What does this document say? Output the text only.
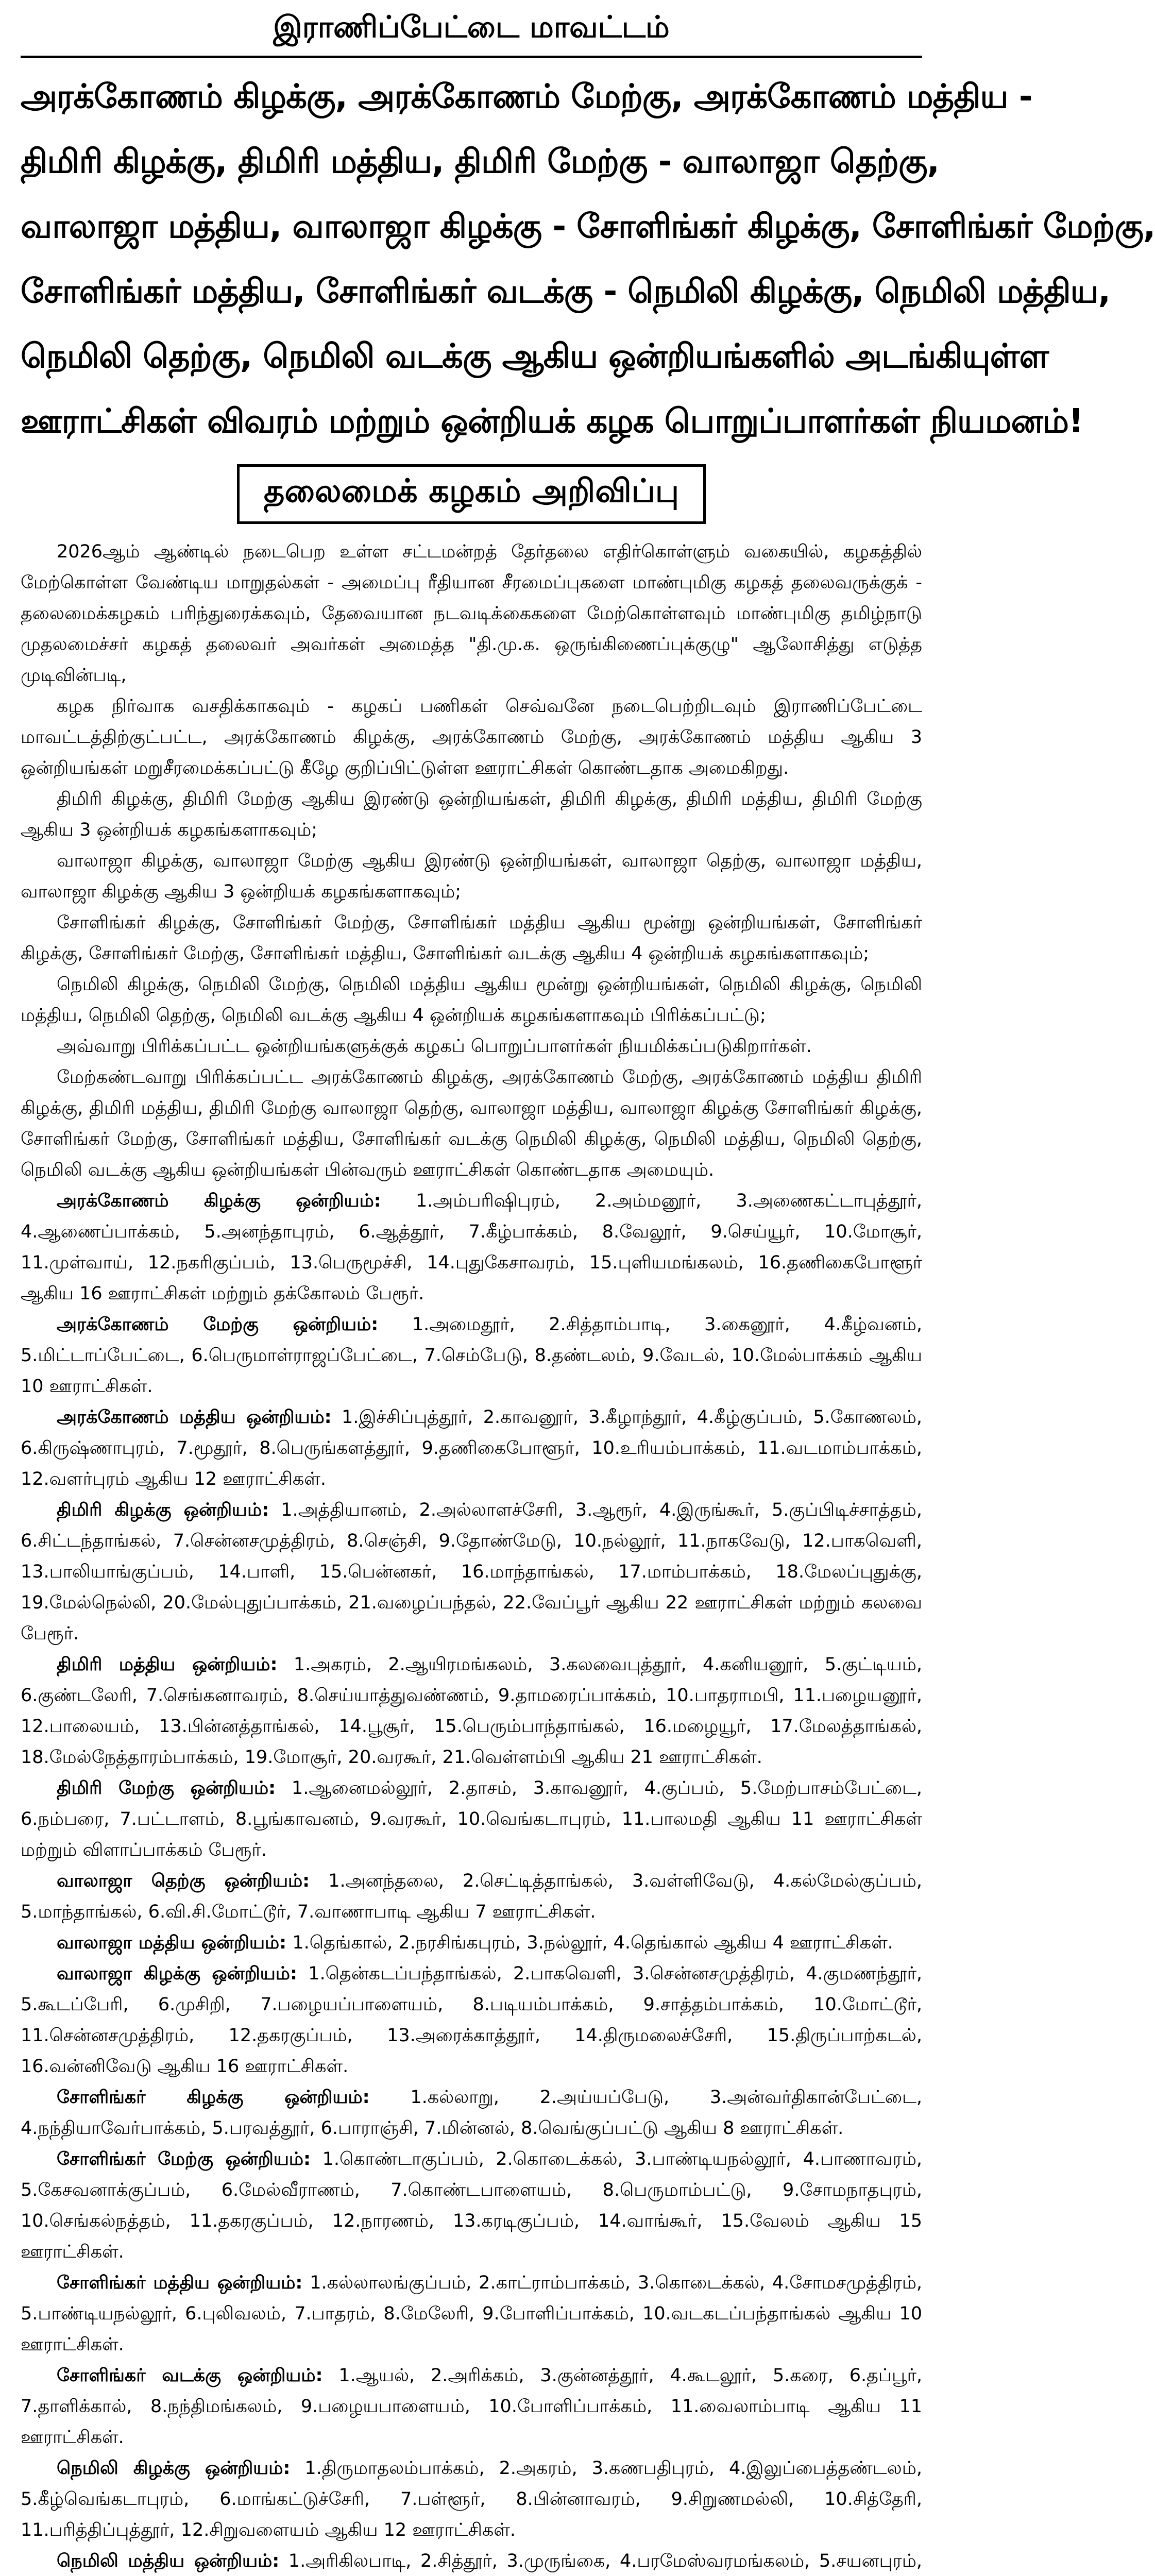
இராணிப்பேட்டை மாவட்டம்
அரக்கோணம் கிழக்கு, அரக்கோணம் மேற்கு, அரக்கோணம் மத்திய -
திமிரி கிழக்கு, திமிரி மத்திய, திமிரி மேற்கு - வாலாஜா தெற்கு,
வாலாஜா மத்திய, வாலாஜா கிழக்கு - சோளிங்கர் கிழக்கு, சோளிங்கர் மேற்கு,
சோளிங்கர் மத்திய, சோளிங்கர் வடக்கு - நெமிலி கிழக்கு, நெமிலி மத்திய,
நெமிலி தெற்கு, நெமிலி வடக்கு ஆகிய ஒன்றியங்களில் அடங்கியுள்ள
ஊராட்சிகள் விவரம் மற்றும் ஒன்றியக் கழக பொறுப்பாளர்கள் நியமனம்!
தலைமைக் கழகம் அறிவிப்பு

2026ஆம் ஆண்டில் நடைபெற உள்ள சட்டமன்றத் தேர்தலை எதிர்கொள்ளும் வகையில், கழகத்தில் மேற்கொள்ள வேண்டிய மாறுதல்கள் - அமைப்பு ரீதியான சீரமைப்புகளை மாண்புமிகு கழகத் தலைவருக்குக் - தலைமைக்கழகம் பரிந்துரைக்கவும், தேவையான நடவடிக்கைகளை மேற்கொள்ளவும் மாண்புமிகு தமிழ்நாடு முதலமைச்சர் கழகத் தலைவர் அவர்கள் அமைத்த "தி.மு.க. ஒருங்கிணைப்புக்குழு" ஆலோசித்து எடுத்த முடிவின்படி,

கழக நிர்வாக வசதிக்காகவும் - கழகப் பணிகள் செவ்வனே நடைபெற்றிடவும் இராணிப்பேட்டை மாவட்டத்திற்குட்பட்ட, அரக்கோணம் கிழக்கு, அரக்கோணம் மேற்கு, அரக்கோணம் மத்திய ஆகிய 3 ஒன்றியங்கள் மறுசீரமைக்கப்பட்டு கீழே குறிப்பிட்டுள்ள ஊராட்சிகள் கொண்டதாக அமைகிறது.

திமிரி கிழக்கு, திமிரி மேற்கு ஆகிய இரண்டு ஒன்றியங்கள், திமிரி கிழக்கு, திமிரி மத்திய, திமிரி மேற்கு ஆகிய 3 ஒன்றியக் கழகங்களாகவும்;

வாலாஜா கிழக்கு, வாலாஜா மேற்கு ஆகிய இரண்டு ஒன்றியங்கள், வாலாஜா தெற்கு, வாலாஜா மத்திய, வாலாஜா கிழக்கு ஆகிய 3 ஒன்றியக் கழகங்களாகவும்;

சோளிங்கர் கிழக்கு, சோளிங்கர் மேற்கு, சோளிங்கர் மத்திய ஆகிய மூன்று ஒன்றியங்கள், சோளிங்கர் கிழக்கு, சோளிங்கர் மேற்கு, சோளிங்கர் மத்திய, சோளிங்கர் வடக்கு ஆகிய 4 ஒன்றியக் கழகங்களாகவும்;

நெமிலி கிழக்கு, நெமிலி மேற்கு, நெமிலி மத்திய ஆகிய மூன்று ஒன்றியங்கள், நெமிலி கிழக்கு, நெமிலி மத்திய, நெமிலி தெற்கு, நெமிலி வடக்கு ஆகிய 4 ஒன்றியக் கழகங்களாகவும் பிரிக்கப்பட்டு;

அவ்வாறு பிரிக்கப்பட்ட ஒன்றியங்களுக்குக் கழகப் பொறுப்பாளர்கள் நியமிக்கப்படுகிறார்கள்.

மேற்கண்டவாறு பிரிக்கப்பட்ட அரக்கோணம் கிழக்கு, அரக்கோணம் மேற்கு, அரக்கோணம் மத்திய திமிரி கிழக்கு, திமிரி மத்திய, திமிரி மேற்கு வாலாஜா தெற்கு, வாலாஜா மத்திய, வாலாஜா கிழக்கு சோளிங்கர் கிழக்கு, சோளிங்கர் மேற்கு, சோளிங்கர் மத்திய, சோளிங்கர் வடக்கு நெமிலி கிழக்கு, நெமிலி மத்திய, நெமிலி தெற்கு, நெமிலி வடக்கு ஆகிய ஒன்றியங்கள் பின்வரும் ஊராட்சிகள் கொண்டதாக அமையும்.

அரக்கோணம் கிழக்கு ஒன்றியம்: 1.அம்பரிஷிபுரம், 2.அம்மனூர், 3.அணைகட்டாபுத்தூர், 4.ஆணைப்பாக்கம், 5.அனந்தாபுரம், 6.ஆத்தூர், 7.கீழ்பாக்கம், 8.வேலூர், 9.செய்யூர், 10.மோசூர், 11.முள்வாய், 12.நகரிகுப்பம், 13.பெருமூச்சி, 14.புதுகேசாவரம், 15.புளியமங்கலம், 16.தணிகைபோளூர் ஆகிய 16 ஊராட்சிகள் மற்றும் தக்கோலம் பேரூர்.

அரக்கோணம் மேற்கு ஒன்றியம்: 1.அமைதூர், 2.சித்தாம்பாடி, 3.கைனூர், 4.கீழ்வனம், 5.மிட்டாப்பேட்டை, 6.பெருமாள்ராஜப்பேட்டை, 7.செம்பேடு, 8.தண்டலம், 9.வேடல், 10.மேல்பாக்கம் ஆகிய 10 ஊராட்சிகள்.

அரக்கோணம் மத்திய ஒன்றியம்: 1.இச்சிப்புத்தூர், 2.காவனூர், 3.கீழாந்தூர், 4.கீழ்குப்பம், 5.கோணலம், 6.கிருஷ்ணாபுரம், 7.மூதூர், 8.பெருங்களத்தூர், 9.தணிகைபோளூர், 10.உரியம்பாக்கம், 11.வடமாம்பாக்கம், 12.வளர்புரம் ஆகிய 12 ஊராட்சிகள்.

திமிரி கிழக்கு ஒன்றியம்: 1.அத்தியானம், 2.அல்லாளச்சேரி, 3.ஆரூர், 4.இருங்கூர், 5.குப்பிடிச்சாத்தம், 6.சிட்டந்தாங்கல், 7.சென்னசமுத்திரம், 8.செஞ்சி, 9.தோண்மேடு, 10.நல்லூர், 11.நாகவேடு, 12.பாகவெளி, 13.பாலியாங்குப்பம், 14.பாளி, 15.பென்னகர், 16.மாந்தாங்கல், 17.மாம்பாக்கம், 18.மேலப்புதுக்கு, 19.மேல்நெல்லி, 20.மேல்புதுப்பாக்கம், 21.வழைப்பந்தல், 22.வேப்பூர் ஆகிய 22 ஊராட்சிகள் மற்றும் கலவை பேரூர்.

திமிரி மத்திய ஒன்றியம்: 1.அகரம், 2.ஆயிரமங்கலம், 3.கலவைபுத்தூர், 4.கனியனூர், 5.குட்டியம், 6.குண்டலேரி, 7.செங்கனாவரம், 8.செய்யாத்துவண்ணம், 9.தாமரைப்பாக்கம், 10.பாதராமபி, 11.பழையனூர், 12.பாலையம், 13.பின்னத்தாங்கல், 14.பூசூர், 15.பெரும்பாந்தாங்கல், 16.மழையூர், 17.மேலத்தாங்கல், 18.மேல்நேத்தாரம்பாக்கம், 19.மோசூர், 20.வரகூர், 21.வெள்ளம்பி ஆகிய 21 ஊராட்சிகள்.

திமிரி மேற்கு ஒன்றியம்: 1.ஆனைமல்லூர், 2.தாசம், 3.காவனூர், 4.குப்பம், 5.மேற்பாசம்பேட்டை, 6.நம்பரை, 7.பட்டாளம், 8.பூங்காவனம், 9.வரகூர், 10.வெங்கடாபுரம், 11.பாலமதி ஆகிய 11 ஊராட்சிகள் மற்றும் விளாப்பாக்கம் பேரூர்.

வாலாஜா தெற்கு ஒன்றியம்: 1.அனந்தலை, 2.செட்டித்தாங்கல், 3.வள்ளிவேடு, 4.கல்மேல்குப்பம், 5.மாந்தாங்கல், 6.வி.சி.மோட்டூர், 7.வாணாபாடி ஆகிய 7 ஊராட்சிகள்.

வாலாஜா மத்திய ஒன்றியம்: 1.தெங்கால், 2.நரசிங்கபுரம், 3.நல்லூர், 4.தெங்கால் ஆகிய 4 ஊராட்சிகள்.

வாலாஜா கிழக்கு ஒன்றியம்: 1.தென்கடப்பந்தாங்கல், 2.பாகவெளி, 3.சென்னசமுத்திரம், 4.குமணந்தூர், 5.கூடப்பேரி, 6.முசிறி, 7.பழையப்பாளையம், 8.படியம்பாக்கம், 9.சாத்தம்பாக்கம், 10.மோட்டூர், 11.சென்னசமுத்திரம், 12.தகரகுப்பம், 13.அரைக்காத்தூர், 14.திருமலைச்சேரி, 15.திருப்பாற்கடல், 16.வன்னிவேடு ஆகிய 16 ஊராட்சிகள்.

சோளிங்கர் கிழக்கு ஒன்றியம்: 1.கல்லாறு, 2.அய்யப்பேடு, 3.அன்வர்திகான்பேட்டை, 4.நந்தியாவேர்பாக்கம், 5.பரவத்தூர், 6.பாராஞ்சி, 7.மின்னல், 8.வெங்குப்பட்டு ஆகிய 8 ஊராட்சிகள்.

சோளிங்கர் மேற்கு ஒன்றியம்: 1.கொண்டாகுப்பம், 2.கொடைக்கல், 3.பாண்டியநல்லூர், 4.பாணாவரம், 5.கேசவனாக்குப்பம், 6.மேல்வீராணம், 7.கொண்டபாளையம், 8.பெருமாம்பட்டு, 9.சோமநாதபுரம், 10.செங்கல்நத்தம், 11.தகரகுப்பம், 12.நாரணம், 13.கரடிகுப்பம், 14.வாங்கூர், 15.வேலம் ஆகிய 15 ஊராட்சிகள்.

சோளிங்கர் மத்திய ஒன்றியம்: 1.கல்லாலங்குப்பம், 2.காட்ராம்பாக்கம், 3.கொடைக்கல், 4.சோமசமுத்திரம், 5.பாண்டியநல்லூர், 6.புலிவலம், 7.பாதரம், 8.மேலேரி, 9.போளிப்பாக்கம், 10.வடகடப்பந்தாங்கல் ஆகிய 10 ஊராட்சிகள்.

சோளிங்கர் வடக்கு ஒன்றியம்: 1.ஆயல், 2.அரிக்கம், 3.குன்னத்தூர், 4.கூடலூர், 5.கரை, 6.தப்பூர், 7.தாளிக்கால், 8.நந்திமங்கலம், 9.பழையபாளையம், 10.போளிப்பாக்கம், 11.வைலாம்பாடி ஆகிய 11 ஊராட்சிகள்.

நெமிலி கிழக்கு ஒன்றியம்: 1.திருமாதலம்பாக்கம், 2.அகரம், 3.கணபதிபுரம், 4.இலுப்பைத்தண்டலம், 5.கீழ்வெங்கடாபுரம், 6.மாங்கட்டுச்சேரி, 7.பள்ளூர், 8.பின்னாவரம், 9.சிறுணமல்லி, 10.சித்தேரி, 11.பரித்திப்புத்தூர், 12.சிறுவளையம் ஆகிய 12 ஊராட்சிகள்.

நெமிலி மத்திய ஒன்றியம்: 1.அரிகிலபாடி, 2.சித்தூர், 3.முருங்கை, 4.பரமேஸ்வரமங்கலம், 5.சயனபுரம்,
